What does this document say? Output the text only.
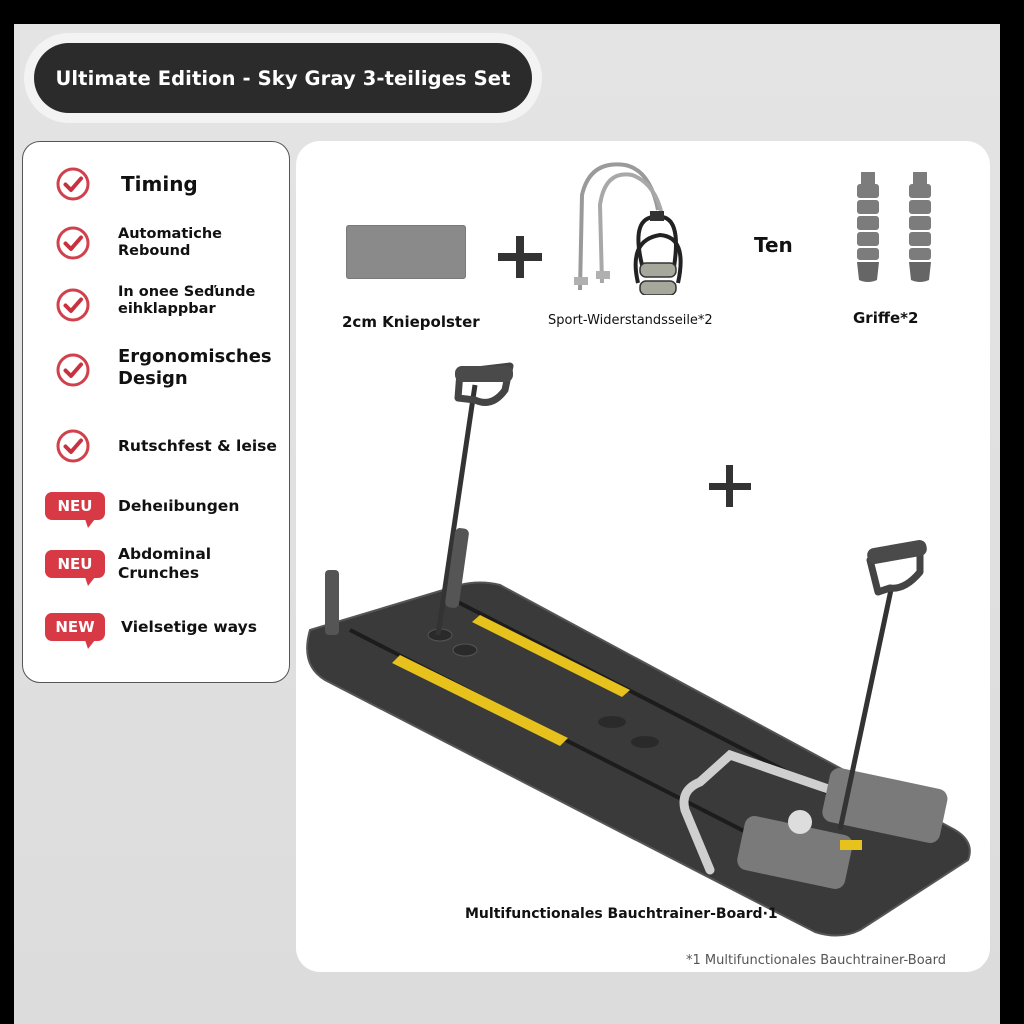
Ultimate Edition - Sky Gray 3-teiliges Set
Timing
Automatiche Rebound
In onee Seďunde
eihklappbar
Ergonomisches
Design
Rutschfest & leise
NEU Deheıibungen
NEU
Abdominal Crunches
NEW Vielsetige ways
2cm Kniepolster	Sport-Widerstandsseile*2
Ten
Griffe*2
Multifunctionales Bauchtrainer-Board·1
*1 Multifunctionales Bauchtrainer-Board
